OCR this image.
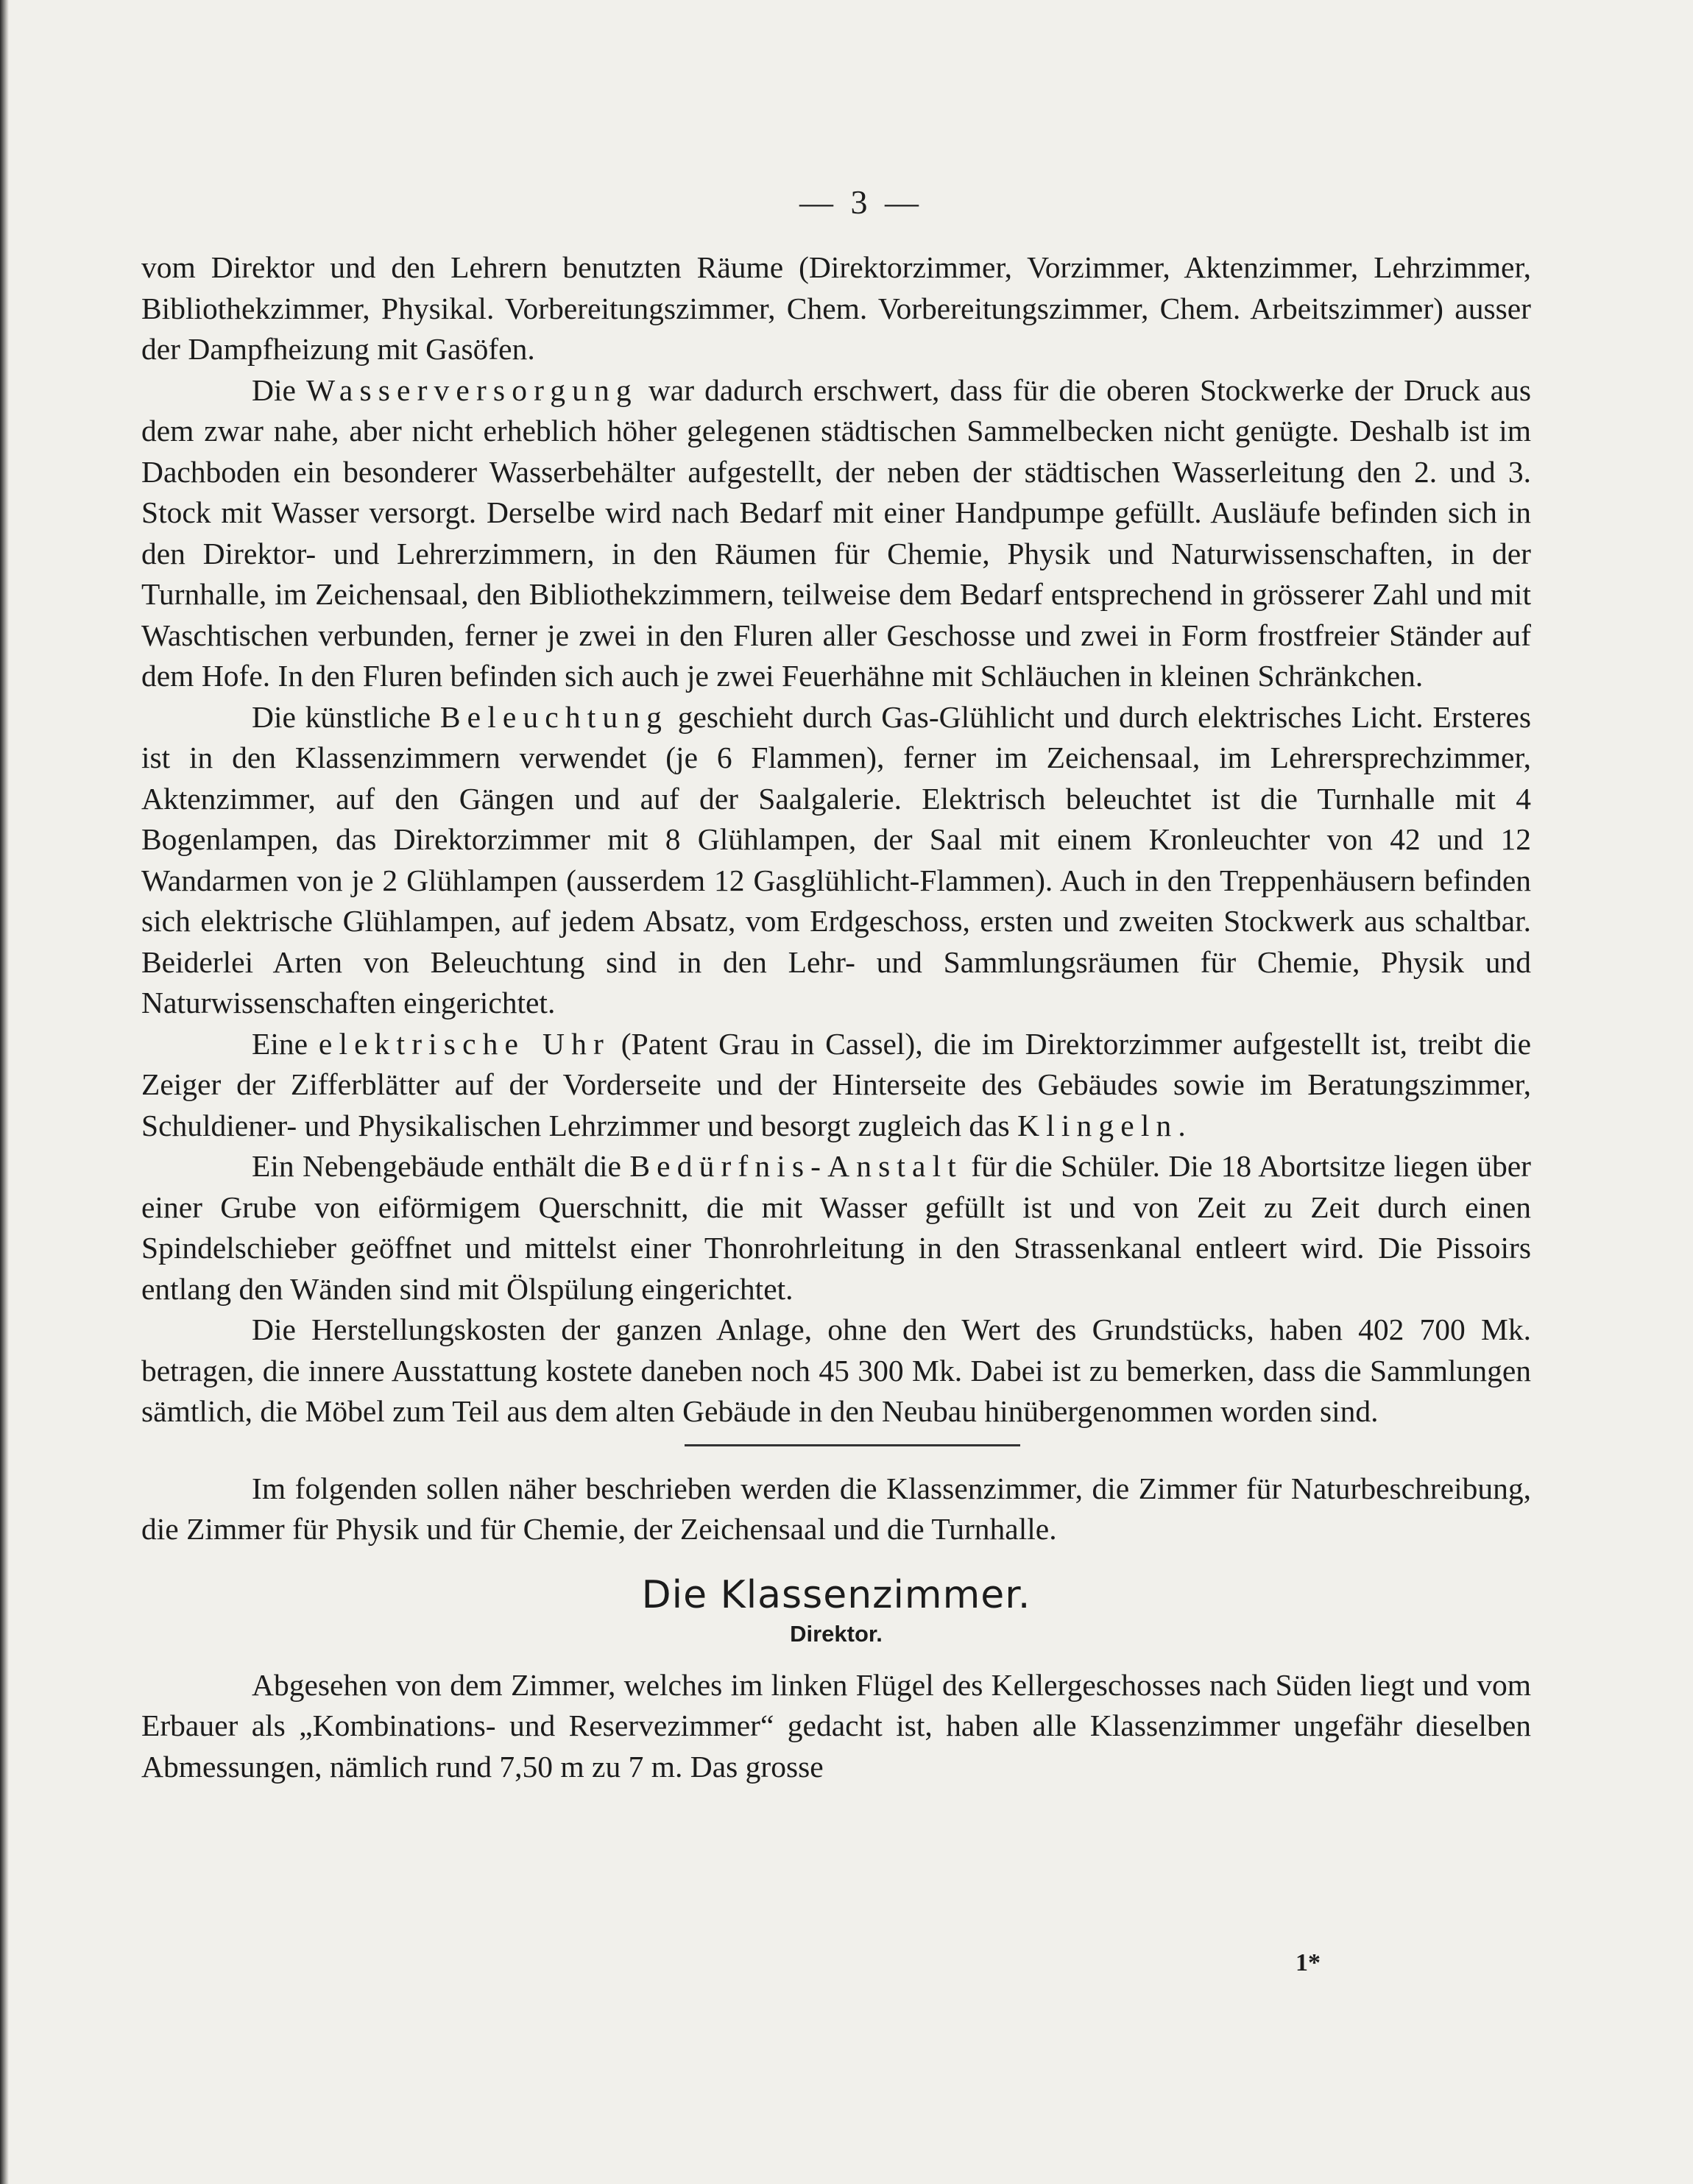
— 3 —

vom Direktor und den Lehrern benutzten Räume (Direktorzimmer, Vorzimmer, Aktenzimmer, Lehrzimmer, Bibliothekzimmer, Physikal. Vorbereitungszimmer, Chem. Vorbereitungszimmer, Chem. Arbeitszimmer) ausser der Dampfheizung mit Gasöfen.

Die Wasserversorgung war dadurch erschwert, dass für die oberen Stockwerke der Druck aus dem zwar nahe, aber nicht erheblich höher gelegenen städtischen Sammelbecken nicht genügte. Deshalb ist im Dachboden ein besonderer Wasserbehälter aufgestellt, der neben der städtischen Wasserleitung den 2. und 3. Stock mit Wasser versorgt. Derselbe wird nach Bedarf mit einer Handpumpe gefüllt. Ausläufe befinden sich in den Direktor- und Lehrerzimmern, in den Räumen für Chemie, Physik und Naturwissenschaften, in der Turnhalle, im Zeichensaal, den Bibliothekzimmern, teilweise dem Bedarf entsprechend in grösserer Zahl und mit Waschtischen verbunden, ferner je zwei in den Fluren aller Geschosse und zwei in Form frostfreier Ständer auf dem Hofe. In den Fluren befinden sich auch je zwei Feuerhähne mit Schläuchen in kleinen Schränkchen.

Die künstliche Beleuchtung geschieht durch Gas-Glühlicht und durch elektrisches Licht. Ersteres ist in den Klassenzimmern verwendet (je 6 Flammen), ferner im Zeichensaal, im Lehrersprechzimmer, Aktenzimmer, auf den Gängen und auf der Saalgalerie. Elektrisch beleuchtet ist die Turnhalle mit 4 Bogenlampen, das Direktorzimmer mit 8 Glühlampen, der Saal mit einem Kronleuchter von 42 und 12 Wandarmen von je 2 Glühlampen (ausserdem 12 Gasglühlicht-Flammen). Auch in den Treppenhäusern befinden sich elektrische Glühlampen, auf jedem Absatz, vom Erdgeschoss, ersten und zweiten Stockwerk aus schaltbar. Beiderlei Arten von Beleuchtung sind in den Lehr- und Sammlungsräumen für Chemie, Physik und Naturwissenschaften eingerichtet.

Eine elektrische Uhr (Patent Grau in Cassel), die im Direktorzimmer aufgestellt ist, treibt die Zeiger der Zifferblätter auf der Vorderseite und der Hinterseite des Gebäudes sowie im Beratungszimmer, Schuldiener- und Physikalischen Lehrzimmer und besorgt zugleich das Klingeln.

Ein Nebengebäude enthält die Bedürfnis-Anstalt für die Schüler. Die 18 Abortsitze liegen über einer Grube von eiförmigem Querschnitt, die mit Wasser gefüllt ist und von Zeit zu Zeit durch einen Spindelschieber geöffnet und mittelst einer Thonrohrleitung in den Strassenkanal entleert wird. Die Pissoirs entlang den Wänden sind mit Ölspülung eingerichtet.

Die Herstellungskosten der ganzen Anlage, ohne den Wert des Grundstücks, haben 402 700 Mk. betragen, die innere Ausstattung kostete daneben noch 45 300 Mk. Dabei ist zu bemerken, dass die Sammlungen sämtlich, die Möbel zum Teil aus dem alten Gebäude in den Neubau hinübergenommen worden sind.

Im folgenden sollen näher beschrieben werden die Klassenzimmer, die Zimmer für Naturbeschreibung, die Zimmer für Physik und für Chemie, der Zeichensaal und die Turnhalle.

Die Klassenzimmer.
Direktor.

Abgesehen von dem Zimmer, welches im linken Flügel des Kellergeschosses nach Süden liegt und vom Erbauer als „Kombinations- und Reservezimmer“ gedacht ist, haben alle Klassenzimmer ungefähr dieselben Abmessungen, nämlich rund 7,50 m zu 7 m. Das grosse

1*
